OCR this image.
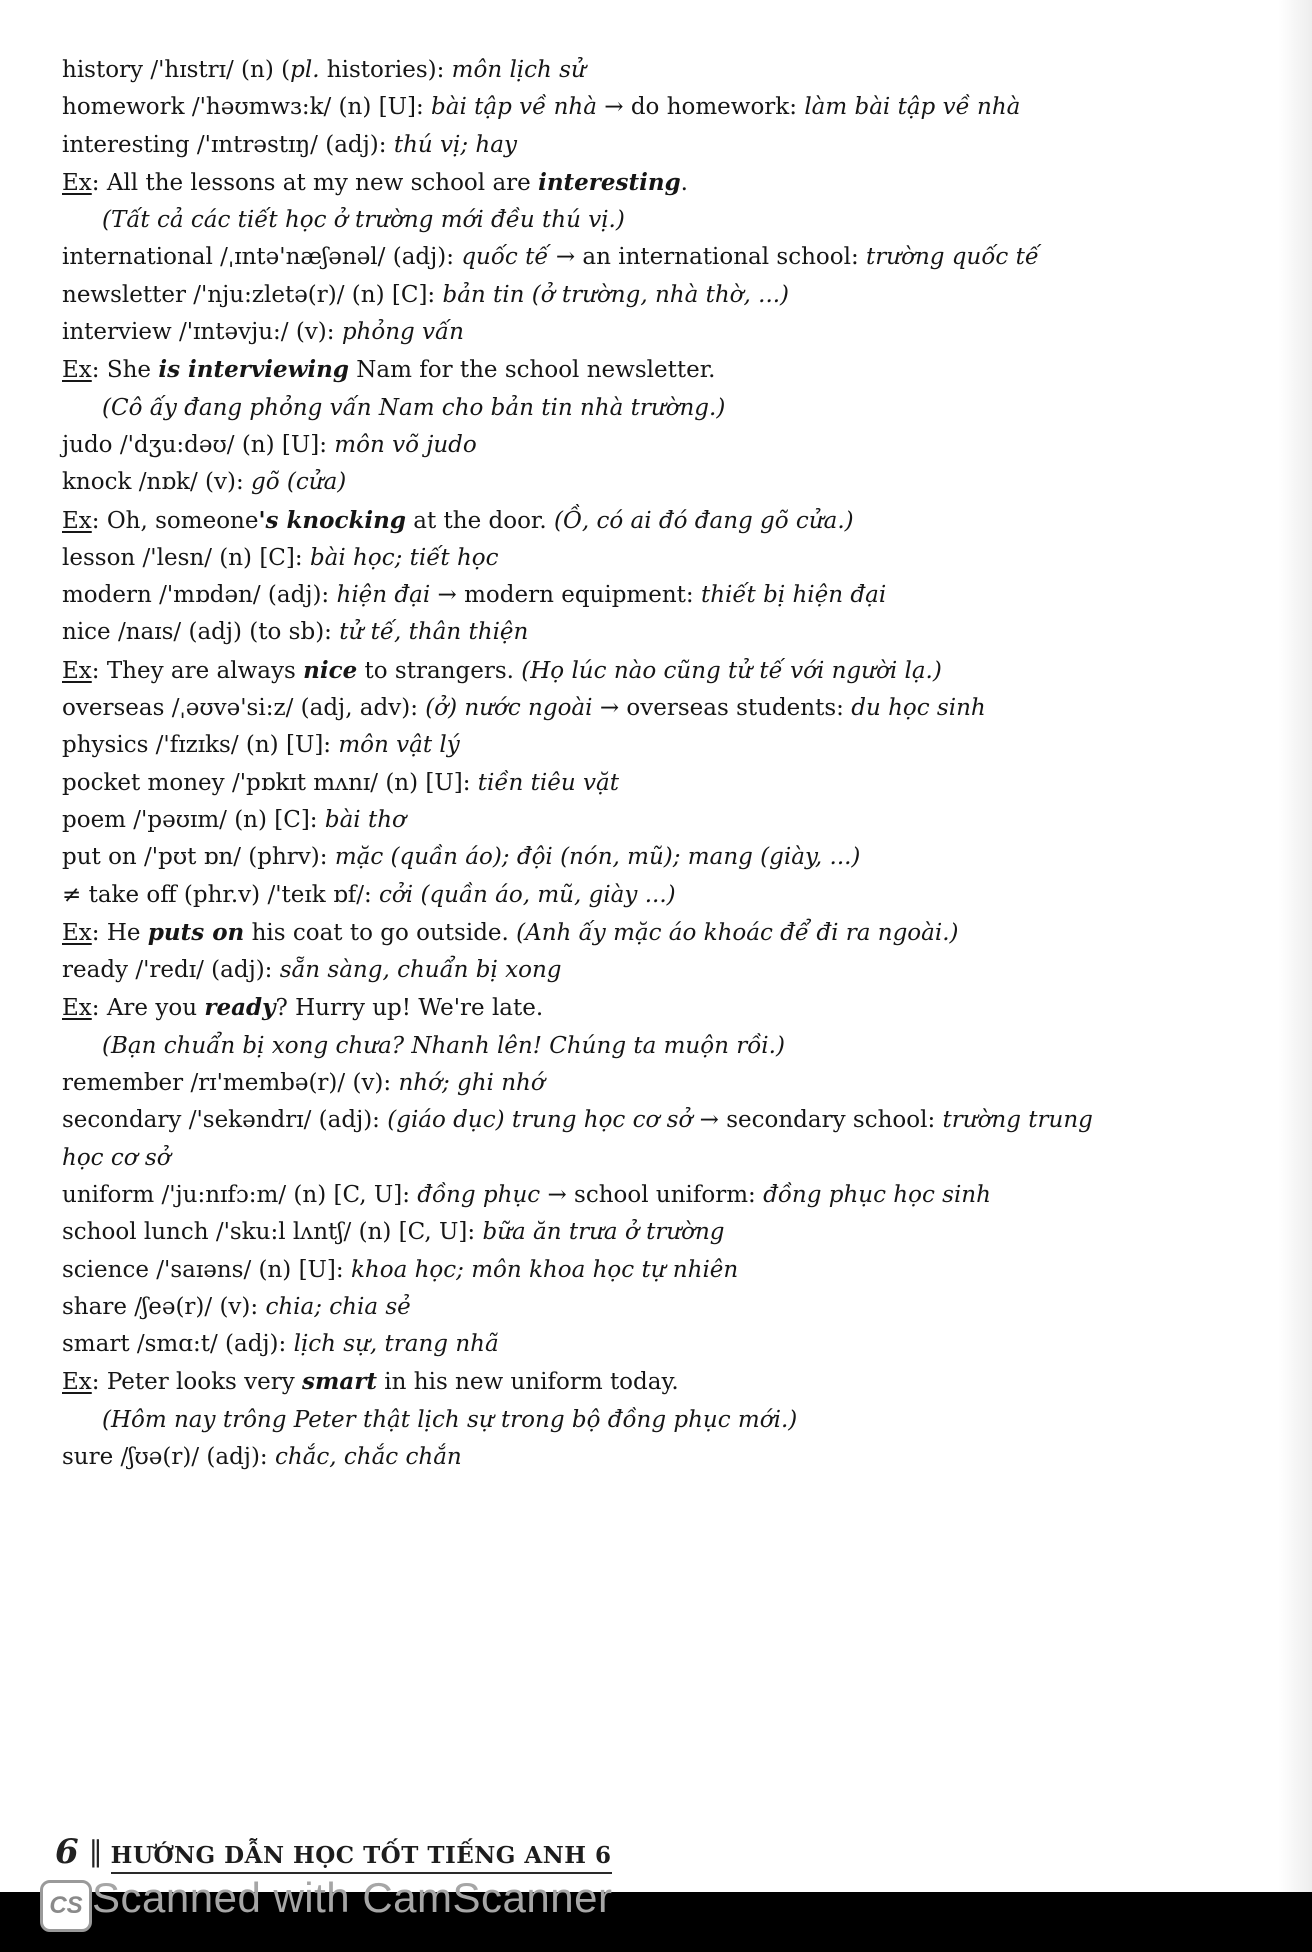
history /'hɪstrɪ/ (n) (pl. histories): môn lịch sử
homework /'həʊmwɜ:k/ (n) [U]: bài tập về nhà → do homework: làm bài tập về nhà
interesting /'ɪntrəstɪŋ/ (adj): thú vị; hay
Ex: All the lessons at my new school are interesting.
(Tất cả các tiết học ở trường mới đều thú vị.)
international /ˌɪntə'næʃənəl/ (adj): quốc tế → an international school: trường quốc tế
newsletter /'nju:zletə(r)/ (n) [C]: bản tin (ở trường, nhà thờ, ...)
interview /'ɪntəvju:/ (v): phỏng vấn
Ex: She is interviewing Nam for the school newsletter.
(Cô ấy đang phỏng vấn Nam cho bản tin nhà trường.)
judo /'dʒu:dəʊ/ (n) [U]: môn võ judo
knock /nɒk/ (v): gõ (cửa)
Ex: Oh, someone's knocking at the door. (Ồ, có ai đó đang gõ cửa.)
lesson /'lesn/ (n) [C]: bài học; tiết học
modern /'mɒdən/ (adj): hiện đại → modern equipment: thiết bị hiện đại
nice /naɪs/ (adj) (to sb): tử tế, thân thiện
Ex: They are always nice to strangers. (Họ lúc nào cũng tử tế với người lạ.)
overseas /ˌəʊvə'si:z/ (adj, adv): (ở) nước ngoài → overseas students: du học sinh
physics /'fɪzɪks/ (n) [U]: môn vật lý
pocket money /'pɒkɪt mʌnɪ/ (n) [U]: tiền tiêu vặt
poem /'pəʊɪm/ (n) [C]: bài thơ
put on /'pʊt ɒn/ (phrv): mặc (quần áo); đội (nón, mũ); mang (giày, ...)
≠ take off (phr.v) /'teɪk ɒf/: cởi (quần áo, mũ, giày ...)
Ex: He puts on his coat to go outside. (Anh ấy mặc áo khoác để đi ra ngoài.)
ready /'redɪ/ (adj): sẵn sàng, chuẩn bị xong
Ex: Are you ready? Hurry up! We're late.
(Bạn chuẩn bị xong chưa? Nhanh lên! Chúng ta muộn rồi.)
remember /rɪ'membə(r)/ (v): nhớ; ghi nhớ
secondary /'sekəndrɪ/ (adj): (giáo dục) trung học cơ sở → secondary school: trường trung
học cơ sở
uniform /'ju:nɪfɔ:m/ (n) [C, U]: đồng phục → school uniform: đồng phục học sinh
school lunch /'sku:l lʌntʃ/ (n) [C, U]: bữa ăn trưa ở trường
science /'saɪəns/ (n) [U]: khoa học; môn khoa học tự nhiên
share /ʃeə(r)/ (v): chia; chia sẻ
smart /smɑ:t/ (adj): lịch sự, trang nhã
Ex: Peter looks very smart in his new uniform today.
(Hôm nay trông Peter thật lịch sự trong bộ đồng phục mới.)
sure /ʃʊə(r)/ (adj): chắc, chắc chắn
6 ‖ HƯỚNG DẪN HỌC TỐT TIẾNG ANH 6
CS Scanned with CamScanner
